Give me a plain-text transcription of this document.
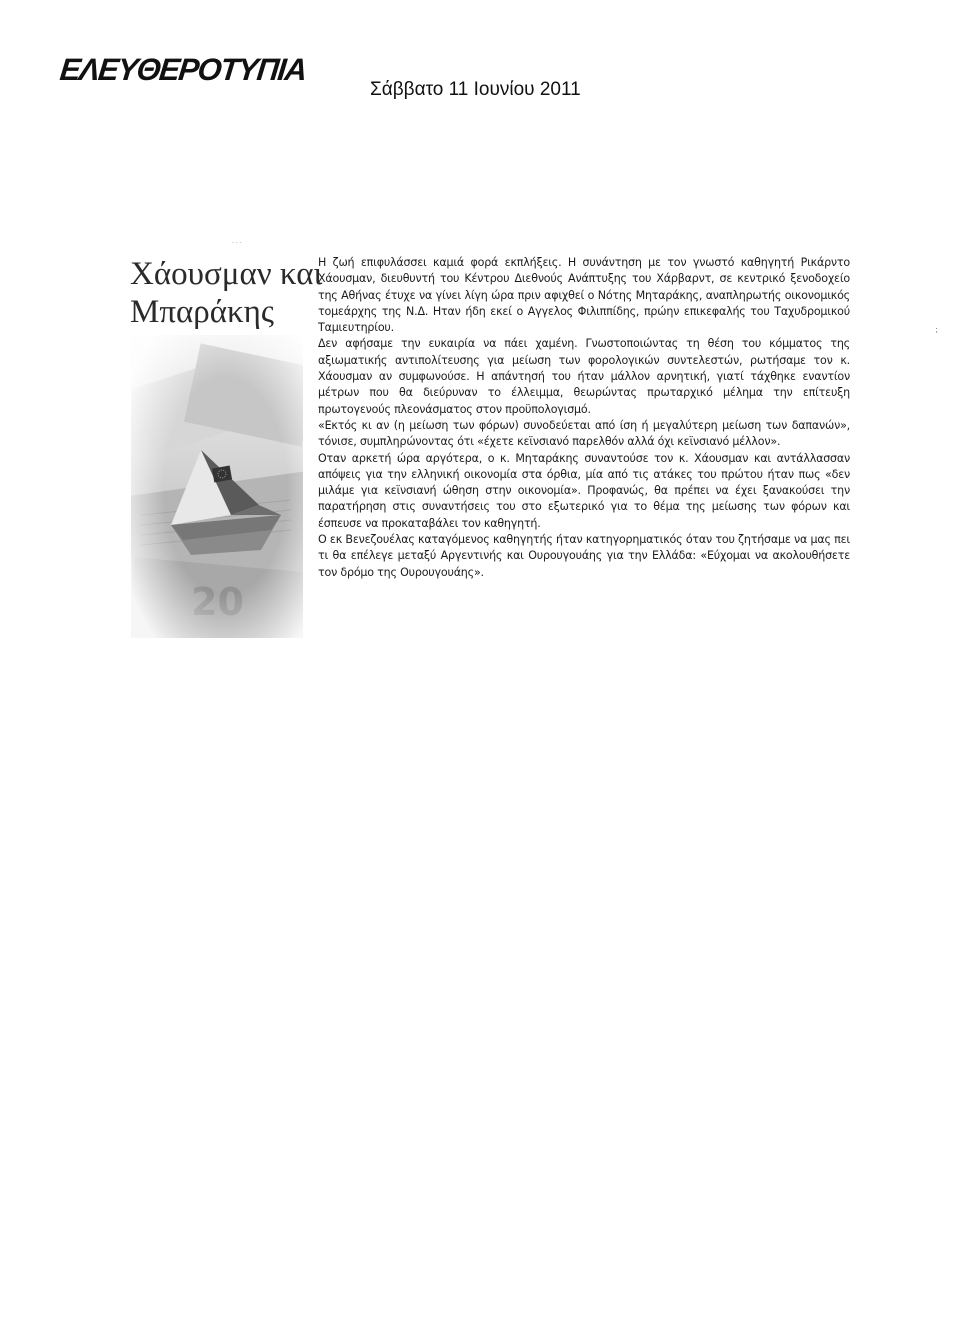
ΕΛΕΥΘΕΡΟΤΥΠΙΑ
Σάββατο 11 Ιουνίου 2011
···
⁏
Χάουσμαν και
Μπαράκης

Η ζωή επιφυλάσσει καμιά φορά εκπλήξεις. Η συνάντηση με τον γνωστό καθηγητή Ρικάρντο Χάουσμαν, διευθυντή του Κέντρου Διεθνούς Ανάπτυξης του Χάρβαρντ, σε κεντρικό ξενοδοχείο της Αθήνας έτυχε να γίνει λίγη ώρα πριν αφιχθεί ο Νότης Μηταράκης, αναπληρωτής οικονομικός τομεάρχης της Ν.Δ. Ηταν ήδη εκεί ο Αγγελος Φιλιππίδης, πρώην επικεφαλής του Ταχυδρομικού Ταμιευτηρίου.

Δεν αφήσαμε την ευκαιρία να πάει χαμένη. Γνωστοποιώντας τη θέση του κόμματος της αξιωματικής αντιπολίτευσης για μείωση των φορολογικών συντελεστών, ρωτήσαμε τον κ. Χάουσμαν αν συμφωνούσε. Η απάντησή του ήταν μάλλον αρνητική, γιατί τάχθηκε εναντίον μέτρων που θα διεύρυναν το έλλειμμα, θεωρώντας πρωταρχικό μέλημα την επίτευξη πρωτογενούς πλεονάσματος στον προϋπολογισμό.

«Εκτός κι αν (η μείωση των φόρων) συνοδεύεται από ίση ή μεγαλύτερη μείωση των δαπανών», τόνισε, συμπληρώνοντας ότι «έχετε κεϊνσιανό παρελθόν αλλά όχι κεϊνσιανό μέλλον».

Οταν αρκετή ώρα αργότερα, ο κ. Μηταράκης συναντούσε τον κ. Χάουσμαν και αντάλλασσαν απόψεις για την ελληνική οικονομία στα όρθια, μία από τις ατάκες του πρώτου ήταν πως «δεν μιλάμε για κεϊνσιανή ώθηση στην οικονομία». Προφανώς, θα πρέπει να έχει ξανακούσει την παρατήρηση στις συναντήσεις του στο εξωτερικό για το θέμα της μείωσης των φόρων και έσπευσε να προκαταβάλει τον καθηγητή.

Ο εκ Βενεζουέλας καταγόμενος καθηγητής ήταν κατηγορηματικός όταν του ζητήσαμε να μας πει τι θα επέλεγε μεταξύ Αργεντινής και Ουρουγουάης για την Ελλάδα: «Εύχομαι να ακολουθήσετε τον δρόμο της Ουρουγουάης».
